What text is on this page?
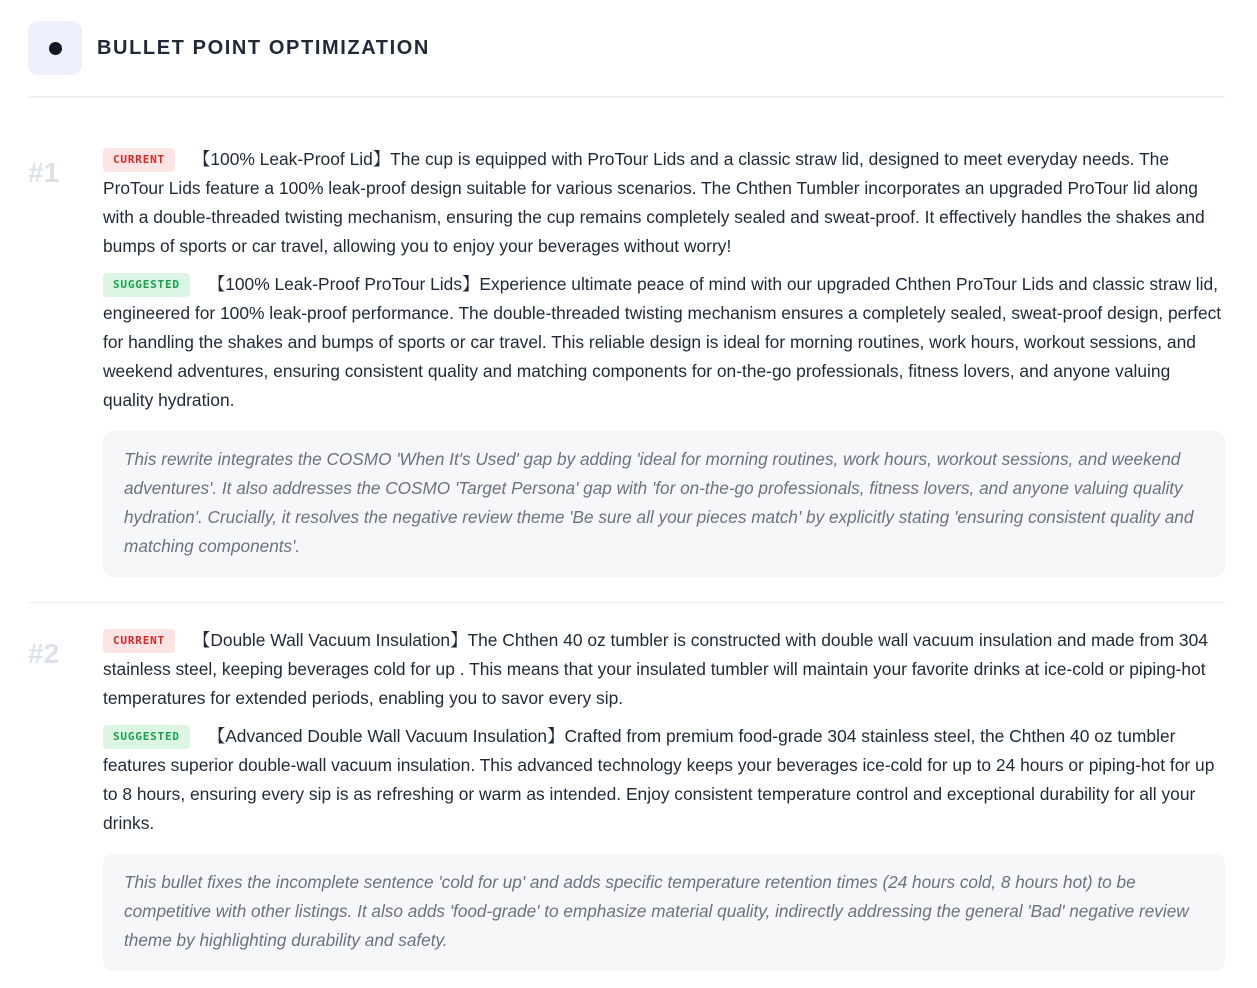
BULLET POINT OPTIMIZATION
#1	CURRENT 【100% Leak-Proof Lid】The cup is equipped with ProTour Lids and a classic straw lid, designed to meet everyday needs. The ProTour Lids feature a 100% leak-proof design suitable for various scenarios. The Chthen Tumbler incorporates an upgraded ProTour lid along with a double-threaded twisting mechanism, ensuring the cup remains completely sealed and sweat-proof. It effectively handles the shakes and bumps of sports or car travel, allowing you to enjoy your beverages without worry!

SUGGESTED 【100% Leak-Proof ProTour Lids】Experience ultimate peace of mind with our upgraded Chthen ProTour Lids and classic straw lid, engineered for 100% leak-proof performance. The double-threaded twisting mechanism ensures a completely sealed, sweat-proof design, perfect for handling the shakes and bumps of sports or car travel. This reliable design is ideal for morning routines, work hours, workout sessions, and weekend adventures, ensuring consistent quality and matching components for on-the-go professionals, fitness lovers, and anyone valuing quality hydration.

This rewrite integrates the COSMO 'When It's Used' gap by adding 'ideal for morning routines, work hours, workout sessions, and weekend adventures'. It also addresses the COSMO 'Target Persona' gap with 'for on-the-go professionals, fitness lovers, and anyone valuing quality hydration'. Crucially, it resolves the negative review theme 'Be sure all your pieces match' by explicitly stating 'ensuring consistent quality and matching components'.
#2	CURRENT 【Double Wall Vacuum Insulation】The Chthen 40 oz tumbler is constructed with double wall vacuum insulation and made from 304 stainless steel, keeping beverages cold for up . This means that your insulated tumbler will maintain your favorite drinks at ice-cold or piping-hot temperatures for extended periods, enabling you to savor every sip.

SUGGESTED 【Advanced Double Wall Vacuum Insulation】Crafted from premium food-grade 304 stainless steel, the Chthen 40 oz tumbler features superior double-wall vacuum insulation. This advanced technology keeps your beverages ice-cold for up to 24 hours or piping-hot for up to 8 hours, ensuring every sip is as refreshing or warm as intended. Enjoy consistent temperature control and exceptional durability for all your drinks.

This bullet fixes the incomplete sentence 'cold for up' and adds specific temperature retention times (24 hours cold, 8 hours hot) to be competitive with other listings. It also adds 'food-grade' to emphasize material quality, indirectly addressing the general 'Bad' negative review theme by highlighting durability and safety.
